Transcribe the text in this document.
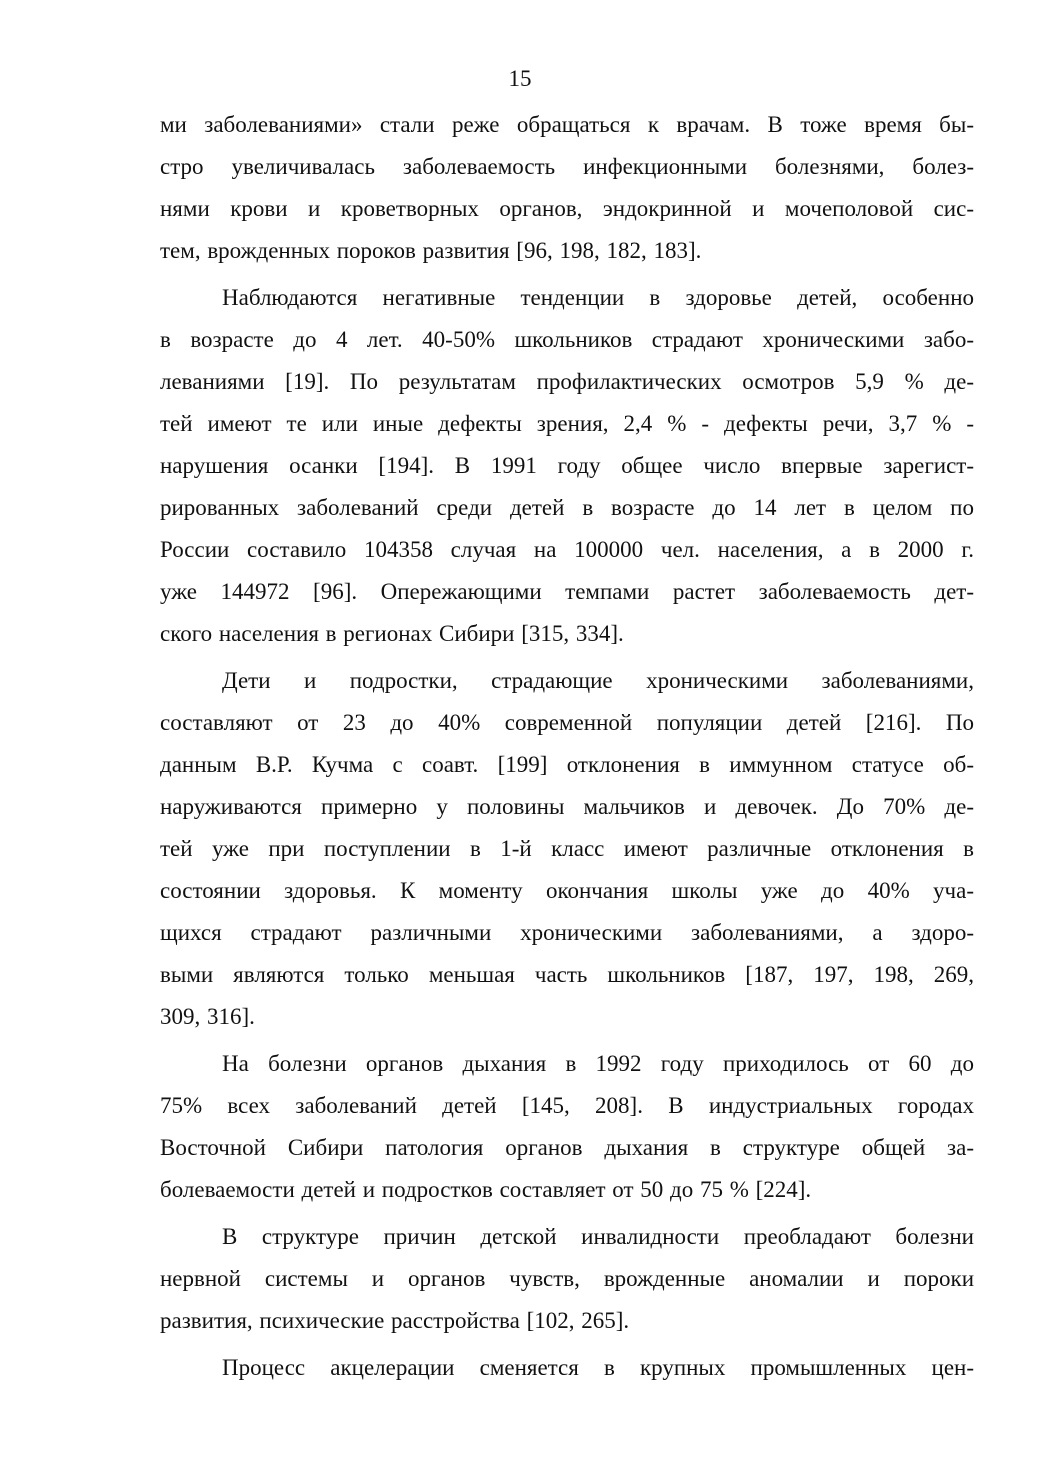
15
ми заболеваниями» стали реже обращаться к врачам. В тоже время бы-
стро увеличивалась заболеваемость инфекционными болезнями, болез-
нями крови и кроветворных органов, эндокринной и мочеполовой сис-
тем, врожденных пороков развития [96, 198, 182, 183].
Наблюдаются негативные тенденции в здоровье детей, особенно
в возрасте до 4 лет. 40-50% школьников страдают хроническими забо-
леваниями [19]. По результатам профилактических осмотров 5,9 % де-
тей имеют те или иные дефекты зрения, 2,4 % - дефекты речи, 3,7 % -
нарушения осанки [194]. В 1991 году общее число впервые зарегист-
рированных заболеваний среди детей в возрасте до 14 лет в целом по
России составило 104358 случая на 100000 чел. населения, а в 2000 г.
уже 144972 [96]. Опережающими темпами растет заболеваемость дет-
ского населения в регионах Сибири [315, 334].
Дети и подростки, страдающие хроническими заболеваниями,
составляют от 23 до 40% современной популяции детей [216]. По
данным В.Р. Кучма с соавт. [199] отклонения в иммунном статусе об-
наруживаются примерно у половины мальчиков и девочек. До 70% де-
тей уже при поступлении в 1-й класс имеют различные отклонения в
состоянии здоровья. К моменту окончания школы уже до 40% уча-
щихся страдают различными хроническими заболеваниями, а здоро-
выми являются только меньшая часть школьников [187, 197, 198, 269,
309, 316].
На болезни органов дыхания в 1992 году приходилось от 60 до
75% всех заболеваний детей [145, 208]. В индустриальных городах
Восточной Сибири патология органов дыхания в структуре общей за-
болеваемости детей и подростков составляет от 50 до 75 % [224].
В структуре причин детской инвалидности преобладают болезни
нервной системы и органов чувств, врожденные аномалии и пороки
развития, психические расстройства [102, 265].
Процесс акцелерации сменяется в крупных промышленных цен-
